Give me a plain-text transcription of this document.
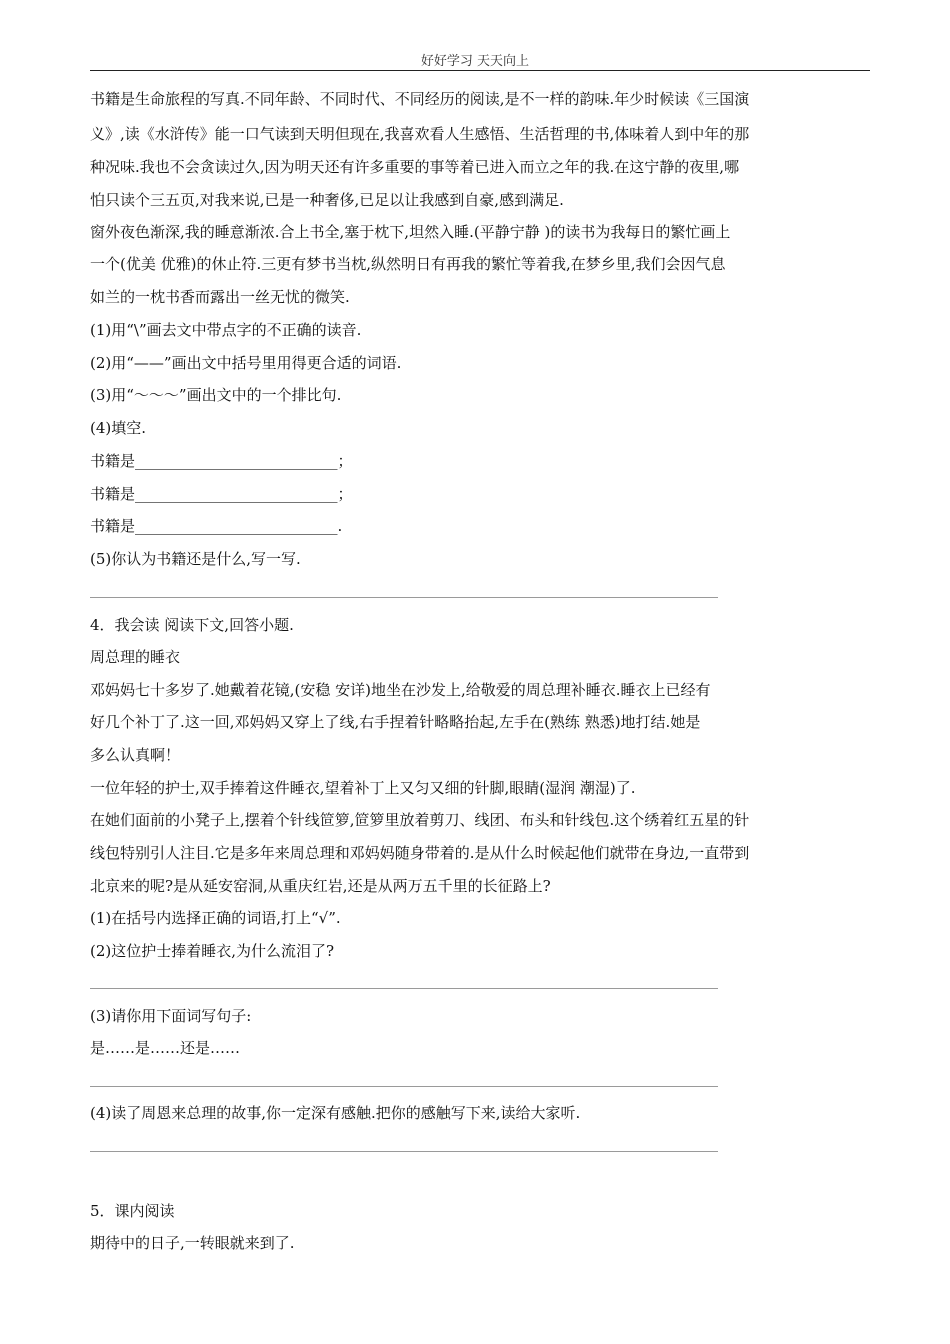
好好学习 天天向上
书籍是生命旅程的写真.不同年龄、不同时代、不同经历的阅读,是不一样的韵味.年少时候读《三国演
义》,读《水浒传》能一口气读到天明但现在,我喜欢看人生感悟、生活哲理的书,体味着人到中年的那
种况味.我也不会贪读过久,因为明天还有许多重要的事等着已进入而立之年的我.在这宁静的夜里,哪
怕只读个三五页,对我来说,已是一种奢侈,已足以让我感到自豪,感到满足.
窗外夜色渐深,我的睡意渐浓.合上书全,塞于枕下,坦然入睡.(平静宁静 )的读书为我每日的繁忙画上
一个(优美 优雅)的休止符.三更有梦书当枕,纵然明日有再我的繁忙等着我,在梦乡里,我们会因气息
如兰的一枕书香而露出一丝无忧的微笑.
(1)用“\”画去文中带点字的不正确的读音.
(2)用“——”画出文中括号里用得更合适的词语.
(3)用“～～～”画出文中的一个排比句.
(4)填空.
书籍是___________________________；
书籍是___________________________；
书籍是___________________________.
(5)你认为书籍还是什么,写一写.
4．我会读 阅读下文,回答小题.
周总理的睡衣
邓妈妈七十多岁了.她戴着花镜,(安稳 安详)地坐在沙发上,给敬爱的周总理补睡衣.睡衣上已经有
好几个补丁了.这一回,邓妈妈又穿上了线,右手捏着针略略抬起,左手在(熟练 熟悉)地打结.她是
多么认真啊！
一位年轻的护士,双手捧着这件睡衣,望着补丁上又匀又细的针脚,眼睛(湿润 潮湿)了.
在她们面前的小凳子上,摆着个针线笸箩,笸箩里放着剪刀、线团、布头和针线包.这个绣着红五星的针
线包特别引人注目.它是多年来周总理和邓妈妈随身带着的.是从什么时候起他们就带在身边,一直带到
北京来的呢?是从延安窑洞,从重庆红岩,还是从两万五千里的长征路上?
(1)在括号内选择正确的词语,打上“√”.
(2)这位护士捧着睡衣,为什么流泪了?
(3)请你用下面词写句子:
是……是……还是……
(4)读了周恩来总理的故事,你一定深有感触.把你的感触写下来,读给大家听.
5．课内阅读
期待中的日子,一转眼就来到了.
